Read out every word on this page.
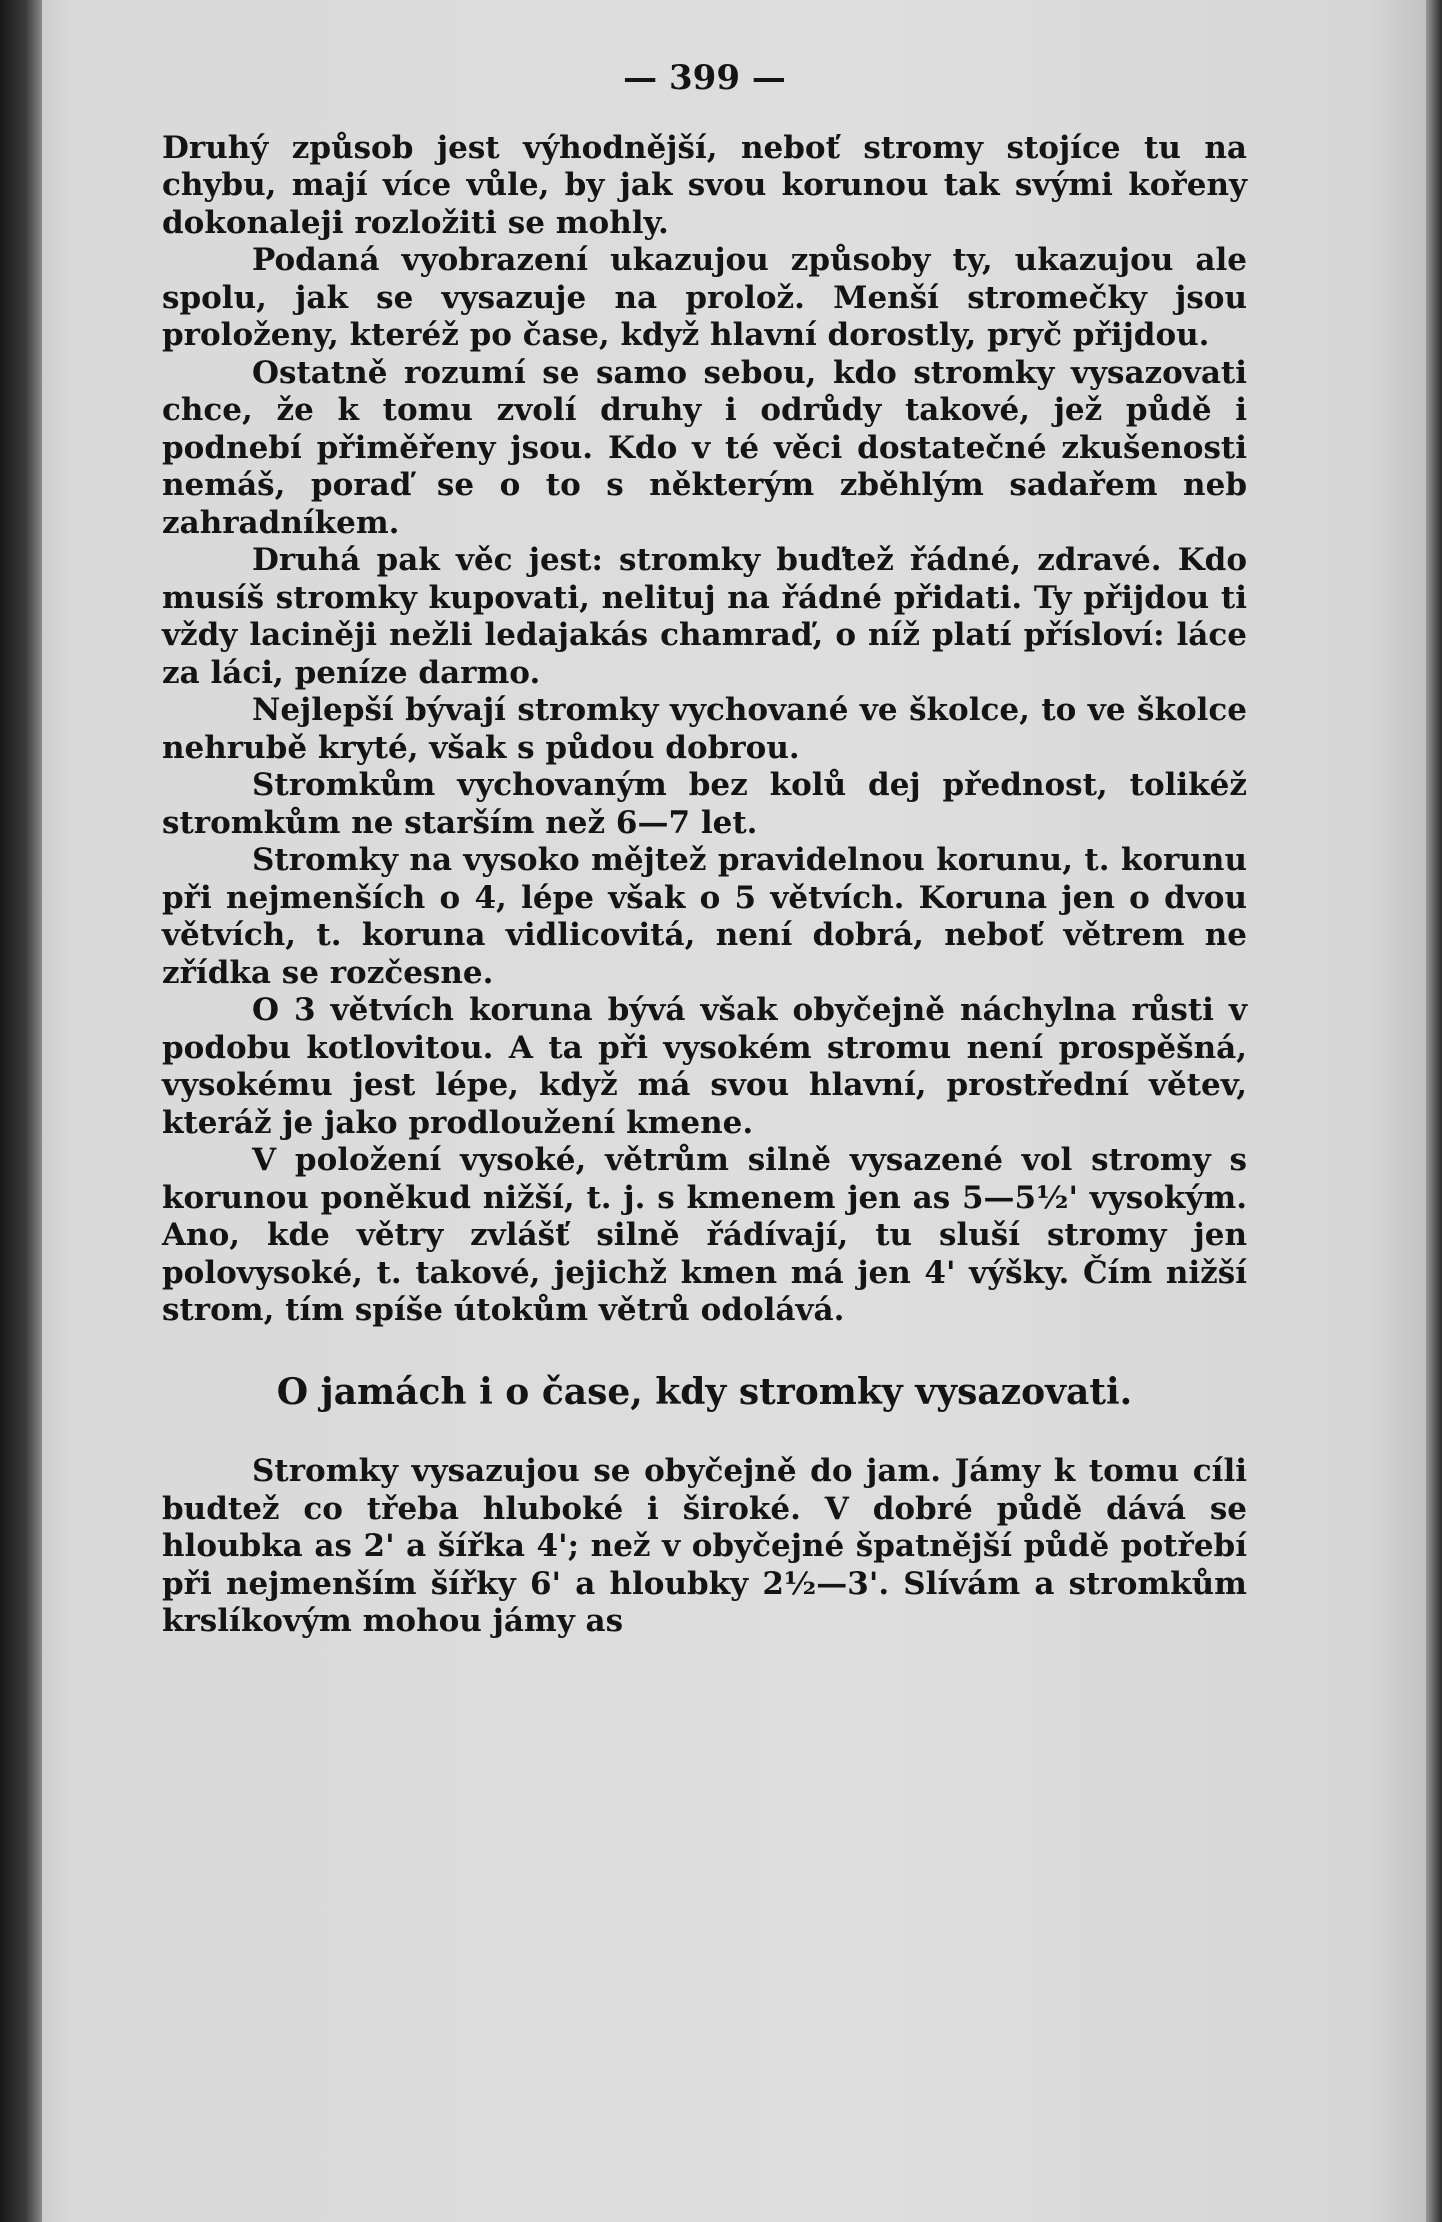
— 399 —

Druhý způsob jest výhodnější, neboť stromy stojíce tu na chybu, mají více vůle, by jak svou korunou tak svými kořeny dokonaleji rozložiti se mohly.

Podaná vyobrazení ukazujou způsoby ty, ukazujou ale spolu, jak se vysazuje na prolož. Menší stromečky jsou proloženy, kteréž po čase, když hlavní dorostly, pryč přijdou.

Ostatně rozumí se samo sebou, kdo stromky vysazovati chce, že k tomu zvolí druhy i odrůdy takové, jež půdě i podnebí přiměřeny jsou. Kdo v té věci dostatečné zkušenosti nemáš, poraď se o to s některým zběhlým sadařem neb zahradníkem.

Druhá pak věc jest: stromky buďtež řádné, zdravé. Kdo musíš stromky kupovati, nelituj na řádné přidati. Ty přijdou ti vždy laciněji nežli ledajakás chamraď, o níž platí přísloví: láce za láci, peníze darmo.

Nejlepší bývají stromky vychované ve školce, to ve školce nehrubě kryté, však s půdou dobrou.

Stromkům vychovaným bez kolů dej přednost, tolikéž stromkům ne starším než 6—7 let.

Stromky na vysoko mějtež pravidelnou korunu, t. korunu při nejmenších o 4, lépe však o 5 větvích. Koruna jen o dvou větvích, t. koruna vidlicovitá, není dobrá, neboť větrem ne zřídka se rozčesne.

O 3 větvích koruna bývá však obyčejně náchylna růsti v podobu kotlovitou. A ta při vysokém stromu není prospěšná, vysokému jest lépe, když má svou hlavní, prostřední větev, kteráž je jako prodloužení kmene.

V položení vysoké, větrům silně vysazené vol stromy s korunou poněkud nižší, t. j. s kmenem jen as 5—5½' vysokým. Ano, kde větry zvlášť silně řádívají, tu sluší stromy jen polovysoké, t. takové, jejichž kmen má jen 4' výšky. Čím nižší strom, tím spíše útokům větrů odolává.

O jamách i o čase, kdy stromky vysazovati.

Stromky vysazujou se obyčejně do jam. Jámy k tomu cíli budtež co třeba hluboké i široké. V dobré půdě dává se hloubka as 2' a šířka 4'; než v obyčejné špatnější půdě potřebí při nejmenším šířky 6' a hloubky 2½—3'. Slívám a stromkům krslíkovým mohou jámy as
